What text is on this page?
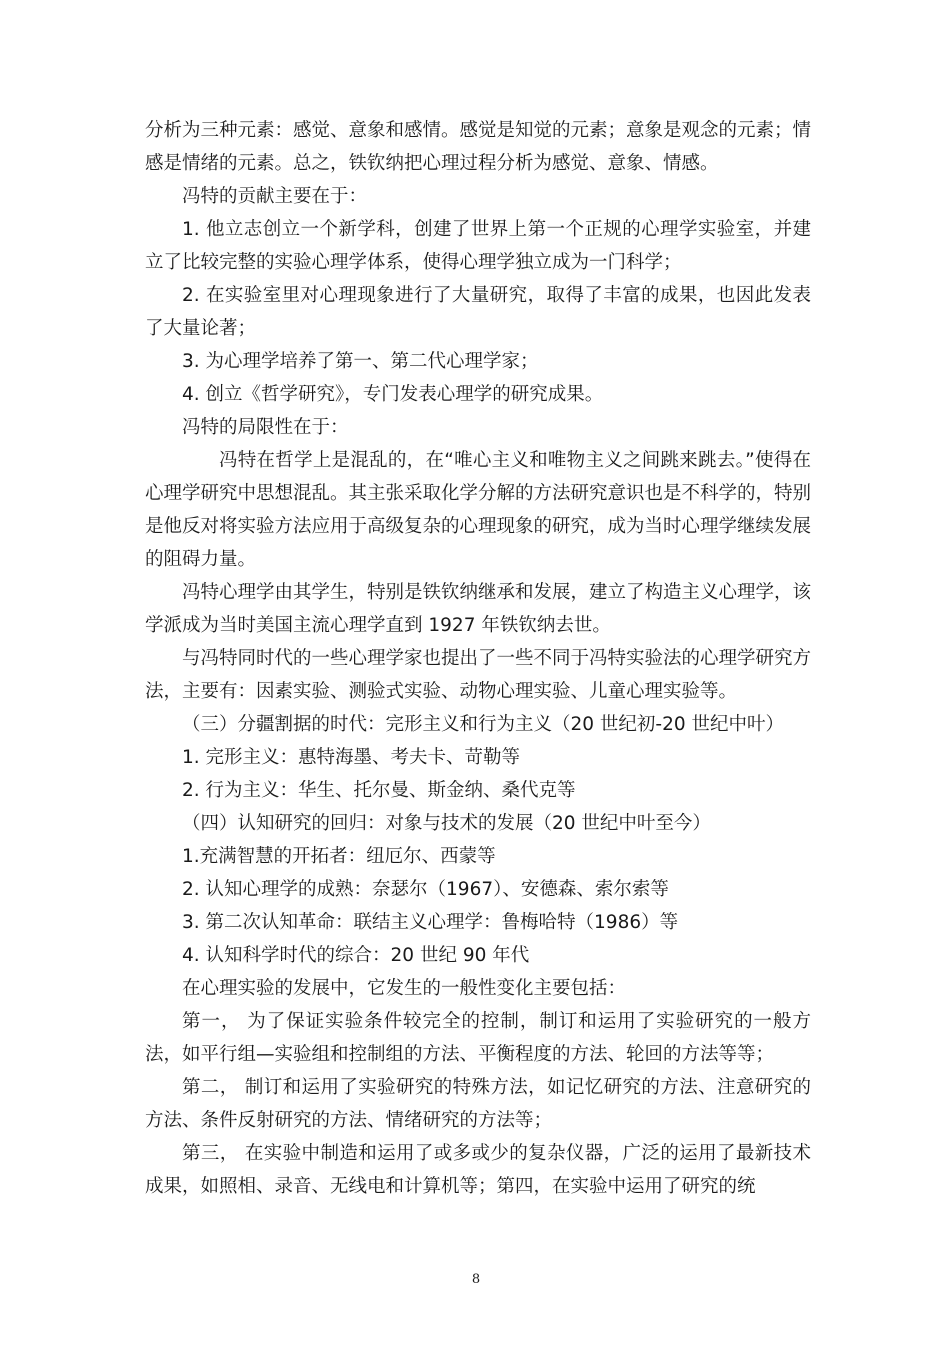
分析为三种元素：感觉、意象和感情。感觉是知觉的元素；意象是观念的元素；情感是情绪的元素。总之，铁钦纳把心理过程分析为感觉、意象、情感。

冯特的贡献主要在于：

1. 他立志创立一个新学科，创建了世界上第一个正规的心理学实验室，并建立了比较完整的实验心理学体系，使得心理学独立成为一门科学；

2. 在实验室里对心理现象进行了大量研究，取得了丰富的成果，也因此发表了大量论著；

3. 为心理学培养了第一、第二代心理学家；

4. 创立《哲学研究》，专门发表心理学的研究成果。

冯特的局限性在于：

冯特在哲学上是混乱的，在“唯心主义和唯物主义之间跳来跳去。”使得在心理学研究中思想混乱。其主张采取化学分解的方法研究意识也是不科学的，特别是他反对将实验方法应用于高级复杂的心理现象的研究，成为当时心理学继续发展的阻碍力量。

冯特心理学由其学生，特别是铁钦纳继承和发展，建立了构造主义心理学，该学派成为当时美国主流心理学直到 1927 年铁钦纳去世。

与冯特同时代的一些心理学家也提出了一些不同于冯特实验法的心理学研究方法，主要有：因素实验、测验式实验、动物心理实验、儿童心理实验等。

（三）分疆割据的时代：完形主义和行为主义（20 世纪初-20 世纪中叶）

1. 完形主义：惠特海墨、考夫卡、苛勒等

2. 行为主义：华生、托尔曼、斯金纳、桑代克等

（四）认知研究的回归：对象与技术的发展（20 世纪中叶至今）

1.充满智慧的开拓者：纽厄尔、西蒙等

2. 认知心理学的成熟：奈瑟尔（1967）、安德森、索尔索等

3. 第二次认知革命：联结主义心理学：鲁梅哈特（1986）等

4. 认知科学时代的综合：20 世纪 90 年代

在心理实验的发展中，它发生的一般性变化主要包括：

第一， 为了保证实验条件较完全的控制，制订和运用了实验研究的一般方法，如平行组—实验组和控制组的方法、平衡程度的方法、轮回的方法等等；

第二， 制订和运用了实验研究的特殊方法，如记忆研究的方法、注意研究的方法、条件反射研究的方法、情绪研究的方法等；

第三， 在实验中制造和运用了或多或少的复杂仪器，广泛的运用了最新技术成果，如照相、录音、无线电和计算机等；第四，在实验中运用了研究的统

8
